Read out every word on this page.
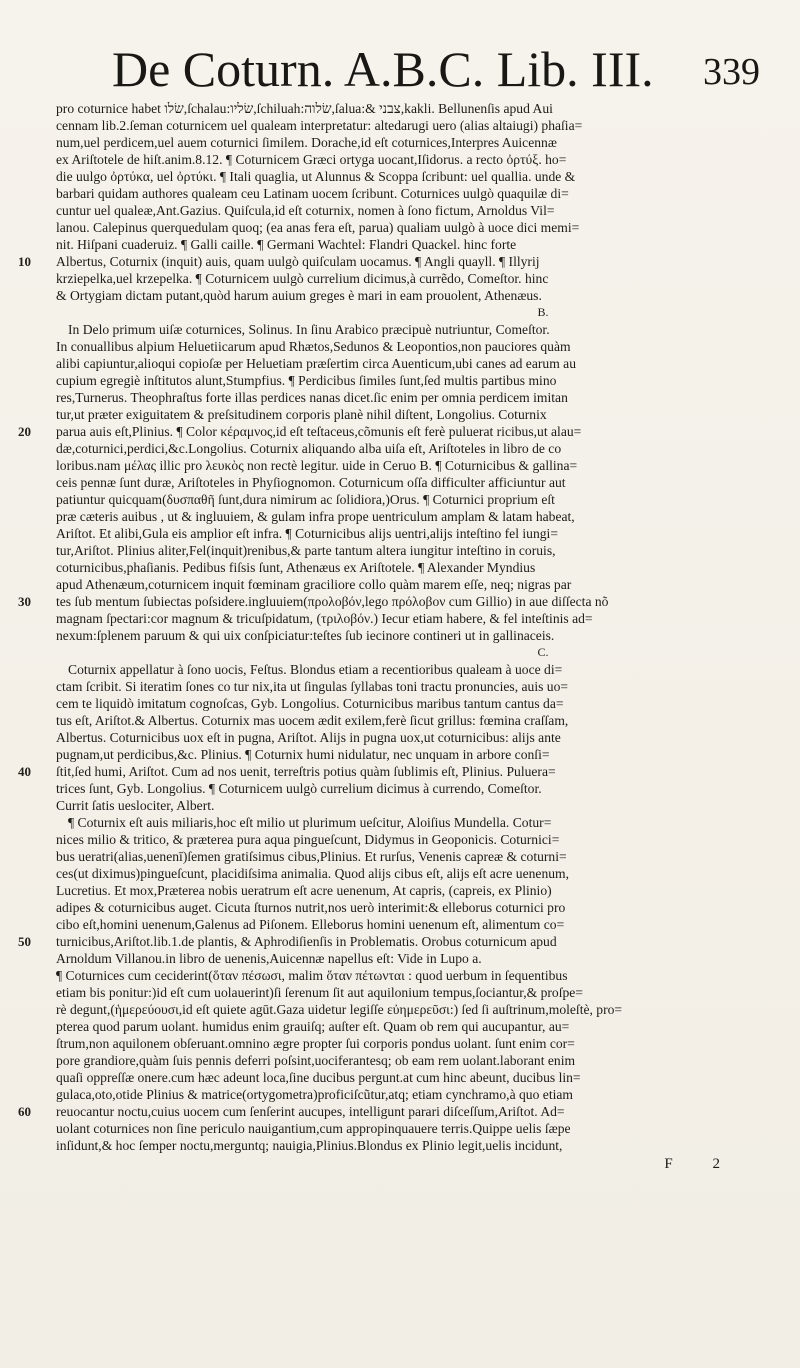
De Coturn. A.B.C. Lib. III. 339
pro coturnice habet שׂלו,ſchalau:שׂליו,ſchiluah:שׂלוה,ſalua:& צבני,kakli. Bellunenſis apud Aui
cennam lib.2.ſeman coturnicem uel qualeam interpretatur: altedarugi uero (alias altaiugi) phaſia=
num,uel perdicem,uel auem coturnici ſimilem. Dorache,id eſt coturnices,Interpres Auicennæ
ex Ariſtotele de hiſt.anim.8.12. ¶ Coturnicem Græci ortyga uocant,Iſidorus. a recto ὀρτύξ. ho=
die uulgo ὀρτύκα, uel ὀρτύκι. ¶ Itali quaglia, ut Alunnus & Scoppa ſcribunt: uel quallia. unde &
barbari quidam authores qualeam ceu Latinam uocem ſcribunt. Coturnices uulgò quaquilæ di=
cuntur uel qualeæ,Ant.Gazius. Quiſcula,id eſt coturnix, nomen à ſono fictum, Arnoldus Vil=
lanou. Calepinus querquedulam quoq; (ea anas fera eſt, parua) qualiam uulgò à uoce dici memi=
nit. Hiſpani cuaderuiz. ¶ Galli caille. ¶ Germani Wachtel: Flandri Quackel. hinc forte
10	Albertus, Coturnix (inquit) auis, quam uulgò quiſculam uocamus. ¶ Angli quayll. ¶ Illyrij
krziepelka,uel krzepelka. ¶ Coturnicem uulgò currelium dicimus,à currẽdo, Comeſtor. hinc
& Ortygiam dictam putant,quòd harum auium greges è mari in eam prouolent, Athenæus.
B.
In Delo primum uiſæ coturnices, Solinus. In ſinu Arabico præcipuè nutriuntur, Comeſtor.
In conuallibus alpium Heluetiicarum apud Rhætos,Sedunos & Leopontios,non pauciores quàm
alibi capiuntur,alioqui copioſæ per Heluetiam præſertim circa Auenticum,ubi canes ad earum au
cupium egregiè inſtitutos alunt,Stumpfius. ¶ Perdicibus ſimiles ſunt,ſed multis partibus mino
res,Turnerus. Theophraſtus forte illas perdices nanas dicet.ſic enim per omnia perdicem imitan
tur,ut præter exiguitatem & preſsitudinem corporis planè nihil diſtent, Longolius. Coturnix
20	parua auis eſt,Plinius. ¶ Color κέραμνος,id eſt teſtaceus,cõmunis eſt ferè puluerat ricibus,ut alau=
dæ,coturnici,perdici,&c.Longolius. Coturnix aliquando alba uiſa eſt, Ariſtoteles in libro de co
loribus.nam μέλας illic pro λευκὸς non rectè legitur. uide in Ceruo B. ¶ Coturnicibus & gallina=
ceis pennæ ſunt duræ, Ariſtoteles in Phyſiognomon. Coturnicum oſſa difficulter afficiuntur aut
patiuntur quicquam(δυσπαθῆ ſunt,dura nimirum ac ſolidiora,)Orus. ¶ Coturnici proprium eſt
præ cæteris auibus , ut & ingluuiem, & gulam infra prope uentriculum amplam & latam habeat,
Ariſtot. Et alibi,Gula eis amplior eſt infra. ¶ Coturnicibus alijs uentri,alijs inteſtino fel iungi=
tur,Ariſtot. Plinius aliter,Fel(inquit)renibus,& parte tantum altera iungitur inteſtino in coruis,
coturnicibus,phaſianis. Pedibus fiſsis ſunt, Athenæus ex Ariſtotele. ¶ Alexander Myndius
apud Athenæum,coturnicem inquit fœminam graciliore collo quàm marem eſſe, neq; nigras par
30	tes ſub mentum ſubiectas poſsidere.ingluuiem(προλοβόν,lego πρόλοβον cum Gillio) in aue diſſecta nõ
magnam ſpectari:cor magnum & tricuſpidatum, (τριλοβόν.) Iecur etiam habere, & fel inteſtinis ad=
nexum:ſplenem paruum & qui uix conſpiciatur:teſtes ſub iecinore contineri ut in gallinaceis.
C.
Coturnix appellatur à ſono uocis, Feſtus. Blondus etiam a recentioribus qualeam à uoce di=
ctam ſcribit. Si iteratim ſones co tur nix,ita ut ſingulas ſyllabas toni tractu pronuncies, auis uo=
cem te liquidò imitatum cognoſcas, Gyb. Longolius. Coturnicibus maribus tantum cantus da=
tus eſt, Ariſtot.& Albertus. Coturnix mas uocem ædit exilem,ferè ſicut grillus: fœmina craſſam,
Albertus. Coturnicibus uox eſt in pugna, Ariſtot. Alijs in pugna uox,ut coturnicibus: alijs ante
pugnam,ut perdicibus,&c. Plinius. ¶ Coturnix humi nidulatur, nec unquam in arbore conſi=
40	ſtit,ſed humi, Ariſtot. Cum ad nos uenit, terreſtris potius quàm ſublimis eſt, Plinius. Puluera=
trices ſunt, Gyb. Longolius. ¶ Coturnicem uulgò currelium dicimus à currendo, Comeſtor.
Currit ſatis ueslociter, Albert.
¶ Coturnix eſt auis miliaris,hoc eſt milio ut plurimum ueſcitur, Aloiſius Mundella. Cotur=
nices milio & tritico, & præterea pura aqua pingueſcunt, Didymus in Geoponicis. Coturnici=
bus ueratri(alias,uenenī)ſemen gratiſsimus cibus,Plinius. Et rurſus, Venenis capreæ & coturni=
ces(ut diximus)pingueſcunt, placidiſsima animalia. Quod alijs cibus eſt, alijs eſt acre uenenum,
Lucretius. Et mox,Præterea nobis ueratrum eſt acre uenenum, At capris, (capreis, ex Plinio)
adipes & coturnicibus auget. Cicuta ſturnos nutrit,nos uerò interimit:& elleborus coturnici pro
cibo eſt,homini uenenum,Galenus ad Piſonem. Elleborus homini uenenum eſt, alimentum co=
50	turnicibus,Ariſtot.lib.1.de plantis, & Aphrodiſienſis in Problematis. Orobus coturnicum apud
Arnoldum Villanou.in libro de uenenis,Auicennæ napellus eſt: Vide in Lupo a.
¶ Coturnices cum ceciderint(ὅταν πέσωσι, malim ὅταν πέτωνται : quod uerbum in ſequentibus
etiam bis ponitur:)id eſt cum uolauerint)ſi ſerenum ſit aut aquilonium tempus,ſociantur,& proſpe=
rè degunt,(ἡμερεύουσι,id eſt quiete agūt.Gaza uidetur legiſſe εὐημερεῦσι:) ſed ſi auſtrinum,moleſtè, pro=
pterea quod parum uolant. humidus enim grauiſq; auſter eſt. Quam ob rem qui aucupantur, au=
ſtrum,non aquilonem obſeruant.omnino ægre propter ſui corporis pondus uolant. ſunt enim cor=
pore grandiore,quàm ſuis pennis deferri poſsint,uociferantesq; ob eam rem uolant.laborant enim
quaſi oppreſſæ onere.cum hæc adeunt loca,ſine ducibus pergunt.at cum hinc abeunt, ducibus lin=
gulaca,oto,otide Plinius & matrice(ortygometra)proficiſcũtur,atq; etiam cynchramo,à quo etiam
60	reuocantur noctu,cuius uocem cum ſenſerint aucupes, intelligunt parari diſceſſum,Ariſtot. Ad=
uolant coturnices non ſine periculo nauigantium,cum appropinquauere terris.Quippe uelis ſæpe
inſidunt,& hoc ſemper noctu,merguntq; nauigia,Plinius.Blondus ex Plinio legit,uelis incidunt,
F 2
